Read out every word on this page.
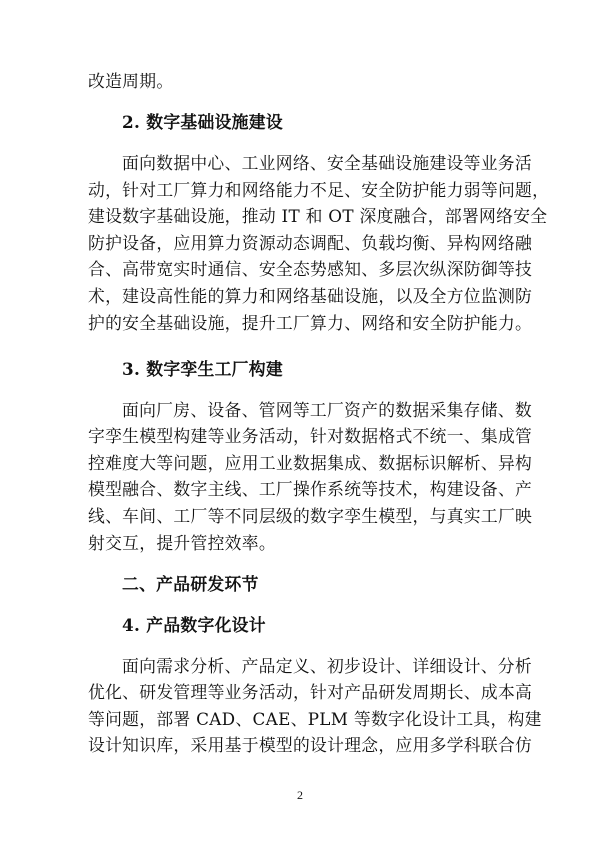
改造周期。
2. 数字基础设施建设
面向数据中心、工业网络、安全基础设施建设等业务活
动，针对工厂算力和网络能力不足、安全防护能力弱等问题，
建设数字基础设施，推动 IT 和 OT 深度融合，部署网络安全
防护设备，应用算力资源动态调配、负载均衡、异构网络融
合、高带宽实时通信、安全态势感知、多层次纵深防御等技
术，建设高性能的算力和网络基础设施，以及全方位监测防
护的安全基础设施，提升工厂算力、网络和安全防护能力。
3. 数字孪生工厂构建
面向厂房、设备、管网等工厂资产的数据采集存储、数
字孪生模型构建等业务活动，针对数据格式不统一、集成管
控难度大等问题，应用工业数据集成、数据标识解析、异构
模型融合、数字主线、工厂操作系统等技术，构建设备、产
线、车间、工厂等不同层级的数字孪生模型，与真实工厂映
射交互，提升管控效率。
二、产品研发环节
4. 产品数字化设计
面向需求分析、产品定义、初步设计、详细设计、分析
优化、研发管理等业务活动，针对产品研发周期长、成本高
等问题，部署 CAD、CAE、PLM 等数字化设计工具，构建
设计知识库，采用基于模型的设计理念，应用多学科联合仿
2
